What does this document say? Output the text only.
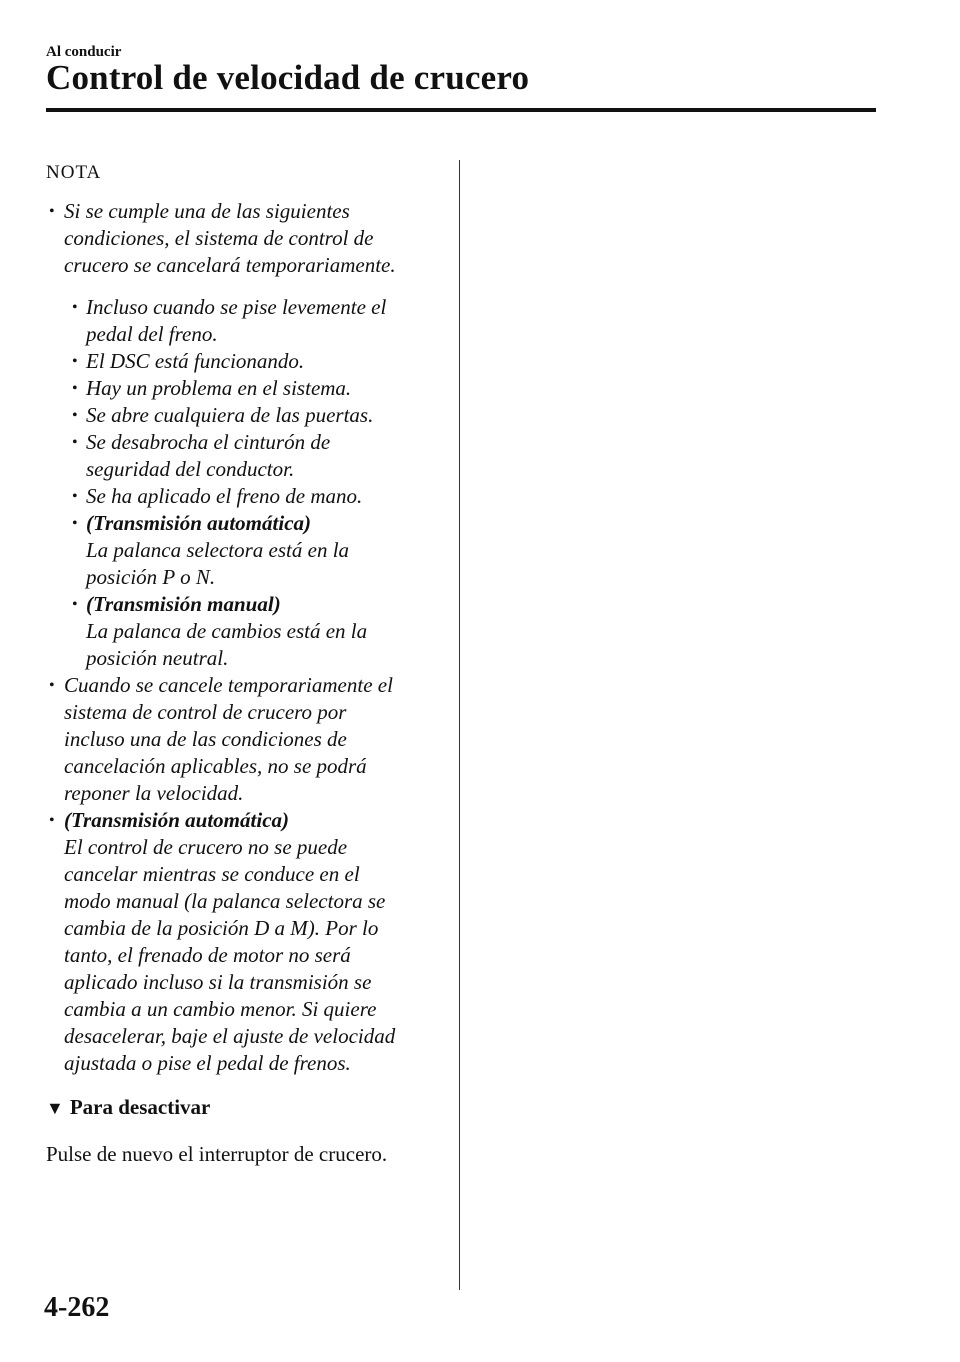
Al conducir
Control de velocidad de crucero
NOTA
• Si se cumple una de las siguientes
condiciones, el sistema de control de
crucero se cancelará temporariamente.
• Incluso cuando se pise levemente el
pedal del freno.
• El DSC está funcionando.
• Hay un problema en el sistema.
• Se abre cualquiera de las puertas.
• Se desabrocha el cinturón de
seguridad del conductor.
• Se ha aplicado el freno de mano.
• (Transmisión automática)
La palanca selectora está en la
posición P o N.
• (Transmisión manual)
La palanca de cambios está en la
posición neutral.
• Cuando se cancele temporariamente el
sistema de control de crucero por
incluso una de las condiciones de
cancelación aplicables, no se podrá
reponer la velocidad.
• (Transmisión automática)
El control de crucero no se puede
cancelar mientras se conduce en el
modo manual (la palanca selectora se
cambia de la posición D a M). Por lo
tanto, el frenado de motor no será
aplicado incluso si la transmisión se
cambia a un cambio menor. Si quiere
desacelerar, baje el ajuste de velocidad
ajustada o pise el pedal de frenos.
▼ Para desactivar
Pulse de nuevo el interruptor de crucero.
4-262
